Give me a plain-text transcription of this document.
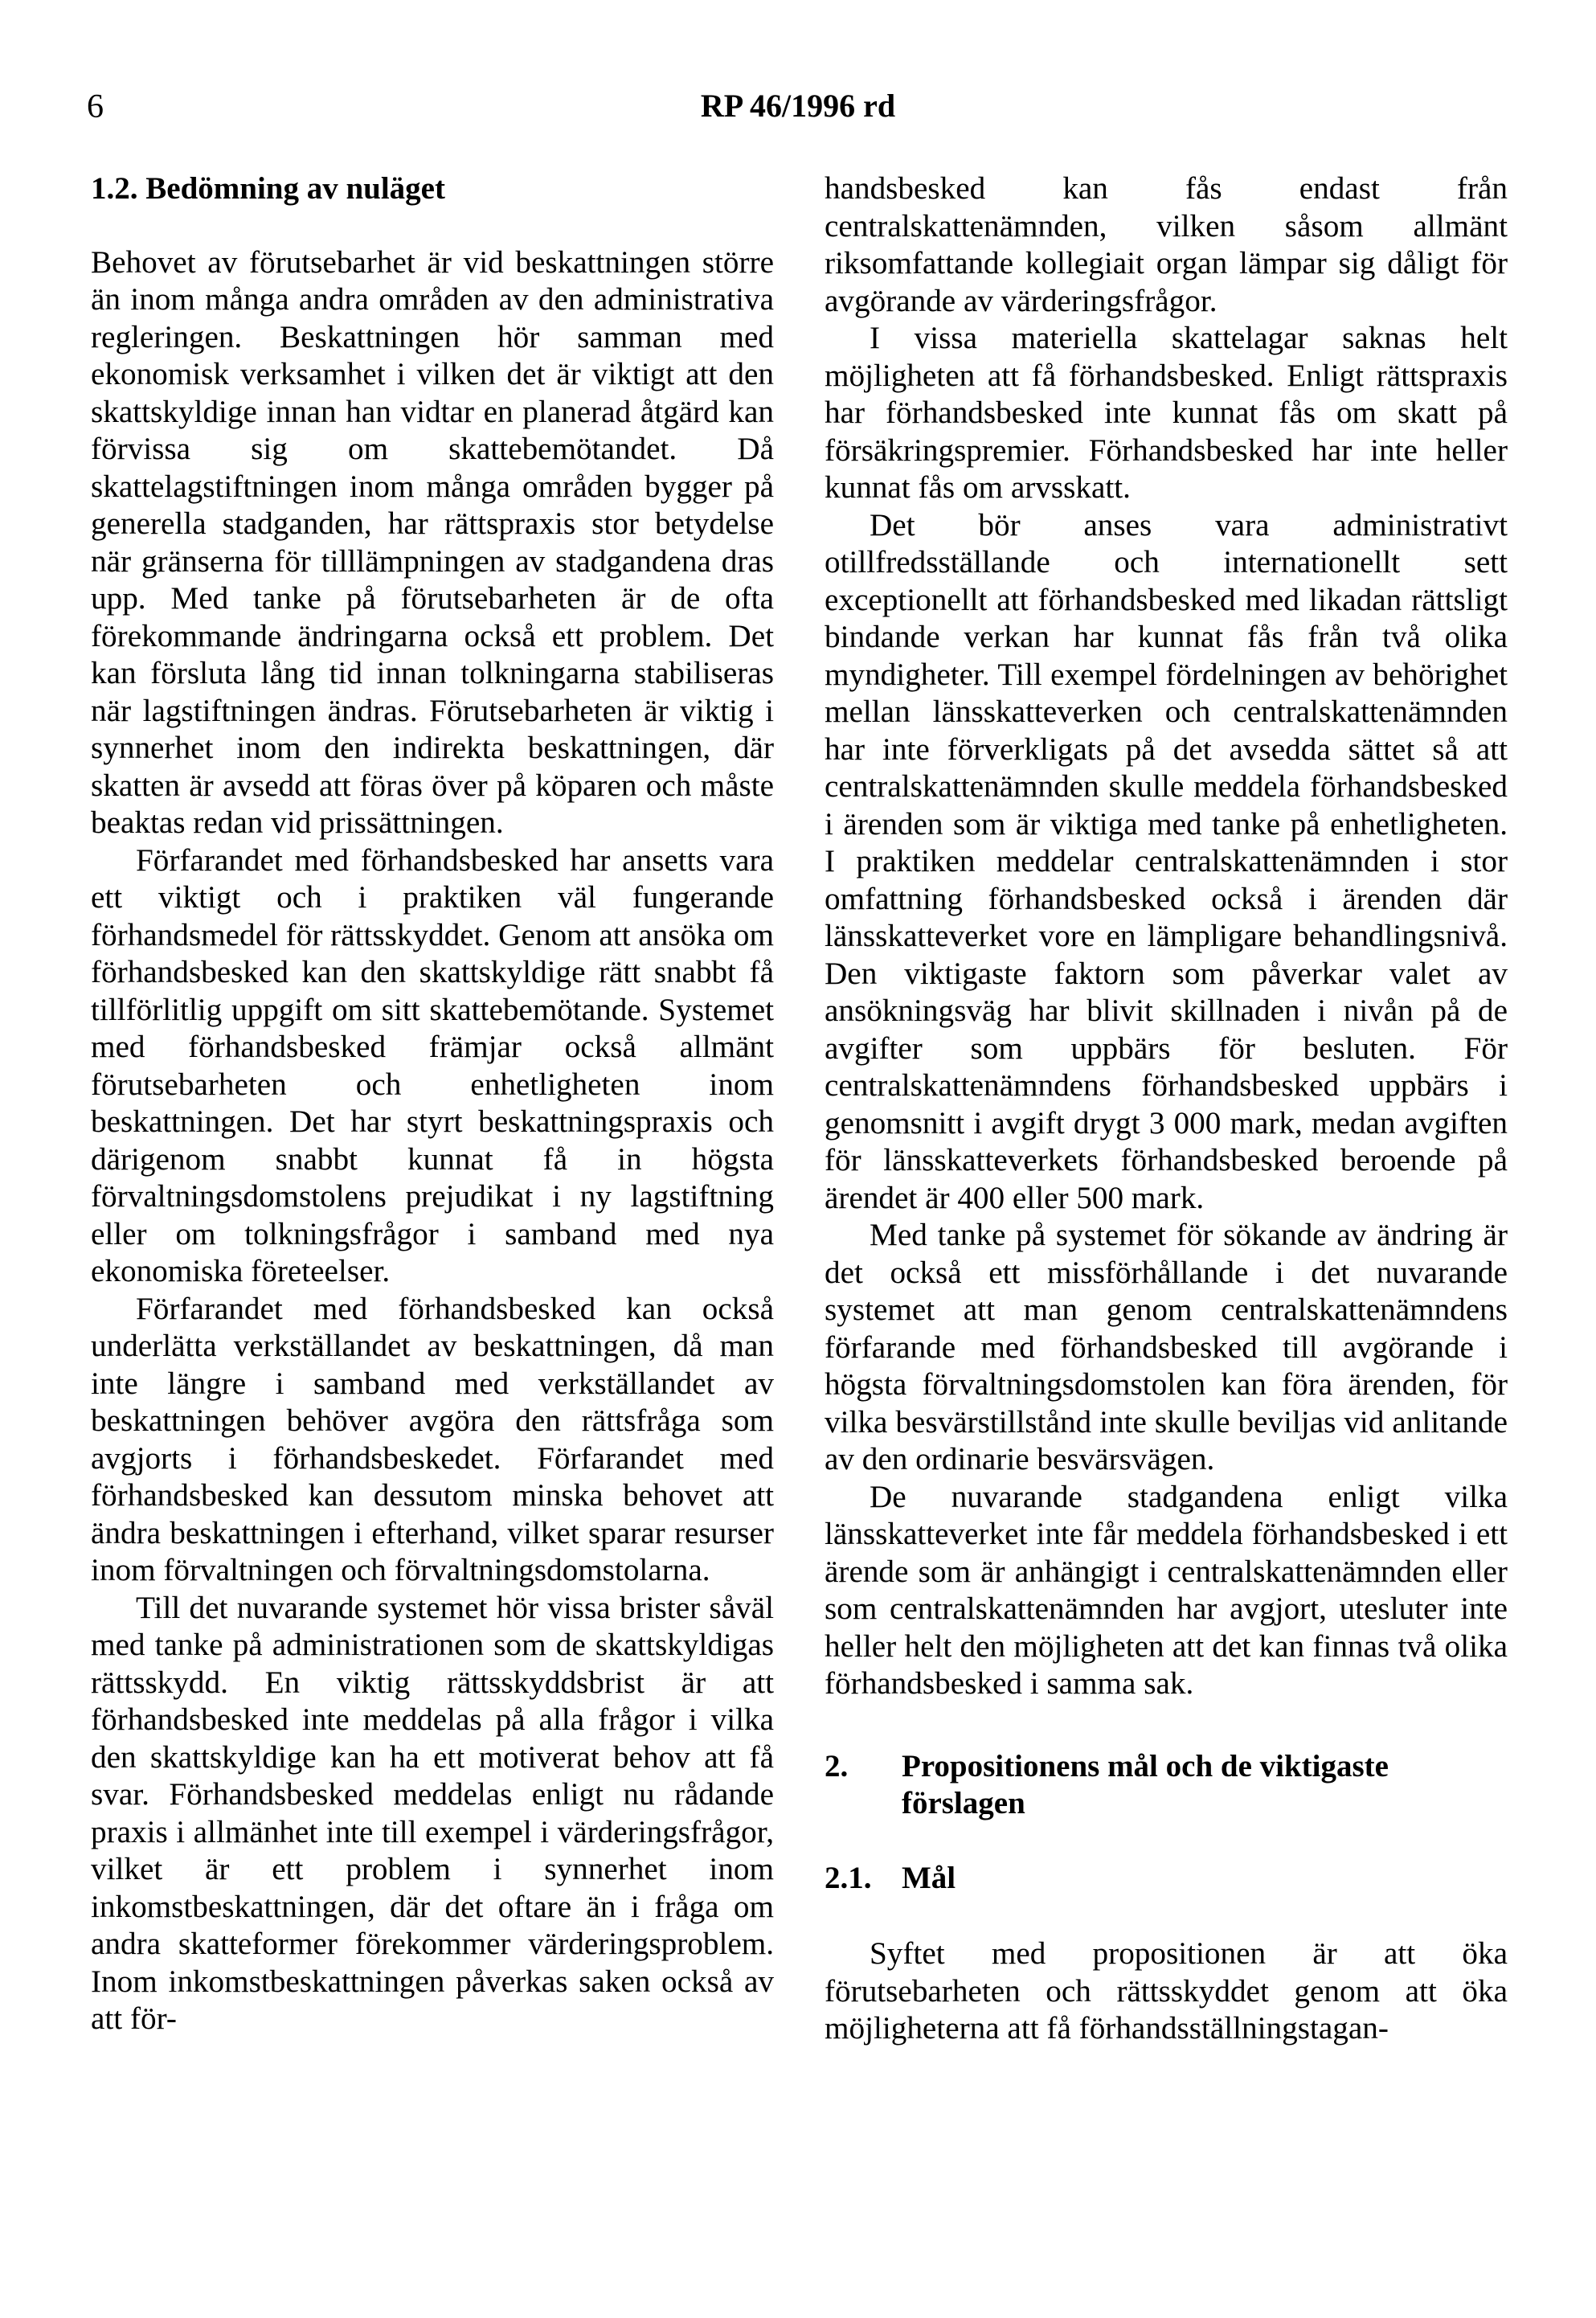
6	RP 46/1996 rd

1.2. Bedömning av nuläget

Behovet av förutsebarhet är vid beskattningen större än inom många andra områden av den administrativa regleringen. Beskattningen hör samman med ekonomisk verksamhet i vilken det är viktigt att den skattskyldige innan han vidtar en planerad åtgärd kan förvissa sig om skattebemötandet. Då skattelagstiftningen inom många områden bygger på generella stadganden, har rättspraxis stor betydelse när gränserna för tilllämpningen av stadgandena dras upp. Med tanke på förutsebarheten är de ofta förekommande ändringarna också ett problem. Det kan försluta lång tid innan tolkningarna stabiliseras när lagstiftningen ändras. Förutsebarheten är viktig i synnerhet inom den indirekta beskattningen, där skatten är avsedd att föras över på köparen och måste beaktas redan vid prissättningen.

Förfarandet med förhandsbesked har ansetts vara ett viktigt och i praktiken väl fungerande förhandsmedel för rättsskyddet. Genom att ansöka om förhandsbesked kan den skattskyldige rätt snabbt få tillförlitlig uppgift om sitt skattebemötande. Systemet med förhandsbesked främjar också allmänt förutsebarheten och enhetligheten inom beskattningen. Det har styrt beskattningspraxis och därigenom snabbt kunnat få in högsta förvaltningsdomstolens prejudikat i ny lagstiftning eller om tolkningsfrågor i samband med nya ekonomiska företeelser.

Förfarandet med förhandsbesked kan också underlätta verkställandet av beskattningen, då man inte längre i samband med verkställandet av beskattningen behöver avgöra den rättsfråga som avgjorts i förhandsbeskedet. Förfarandet med förhandsbesked kan dessutom minska behovet att ändra beskattningen i efterhand, vilket sparar resurser inom förvaltningen och förvaltningsdomstolarna.

Till det nuvarande systemet hör vissa brister såväl med tanke på administrationen som de skattskyldigas rättsskydd. En viktig rättsskyddsbrist är att förhandsbesked inte meddelas på alla frågor i vilka den skattskyldige kan ha ett motiverat behov att få svar. Förhandsbesked meddelas enligt nu rådande praxis i allmänhet inte till exempel i värderingsfrågor, vilket är ett problem i synnerhet inom inkomstbeskattningen, där det oftare än i fråga om andra skatteformer förekommer värderingsproblem. Inom inkomstbeskattningen påverkas saken också av att för-

handsbesked kan fås endast från centralskattenämnden, vilken såsom allmänt riksomfattande kollegiait organ lämpar sig dåligt för avgörande av värderingsfrågor.

I vissa materiella skattelagar saknas helt möjligheten att få förhandsbesked. Enligt rättspraxis har förhandsbesked inte kunnat fås om skatt på försäkringspremier. Förhandsbesked har inte heller kunnat fås om arvsskatt.

Det bör anses vara administrativt otillfredsställande och internationellt sett exceptionellt att förhandsbesked med likadan rättsligt bindande verkan har kunnat fås från två olika myndigheter. Till exempel fördelningen av behörighet mellan länsskatteverken och centralskattenämnden har inte förverkligats på det avsedda sättet så att centralskattenämnden skulle meddela förhandsbesked i ärenden som är viktiga med tanke på enhetligheten. I praktiken meddelar centralskattenämnden i stor omfattning förhandsbesked också i ärenden där länsskatteverket vore en lämpligare behandlingsnivå. Den viktigaste faktorn som påverkar valet av ansökningsväg har blivit skillnaden i nivån på de avgifter som uppbärs för besluten. För centralskattenämndens förhandsbesked uppbärs i genomsnitt i avgift drygt 3 000 mark, medan avgiften för länsskatteverkets förhandsbesked beroende på ärendet är 400 eller 500 mark.

Med tanke på systemet för sökande av ändring är det också ett missförhållande i det nuvarande systemet att man genom centralskattenämndens förfarande med förhandsbesked till avgörande i högsta förvaltningsdomstolen kan föra ärenden, för vilka besvärstillstånd inte skulle beviljas vid anlitande av den ordinarie besvärsvägen.

De nuvarande stadgandena enligt vilka länsskatteverket inte får meddela förhandsbesked i ett ärende som är anhängigt i centralskattenämnden eller som centralskattenämnden har avgjort, utesluter inte heller helt den möjligheten att det kan finnas två olika förhandsbesked i samma sak.

2.	Propositionens mål och de viktigaste förslagen
2.1. Mål

Syftet med propositionen är att öka förutsebarheten och rättsskyddet genom att öka möjligheterna att få förhandsställningstagan-
